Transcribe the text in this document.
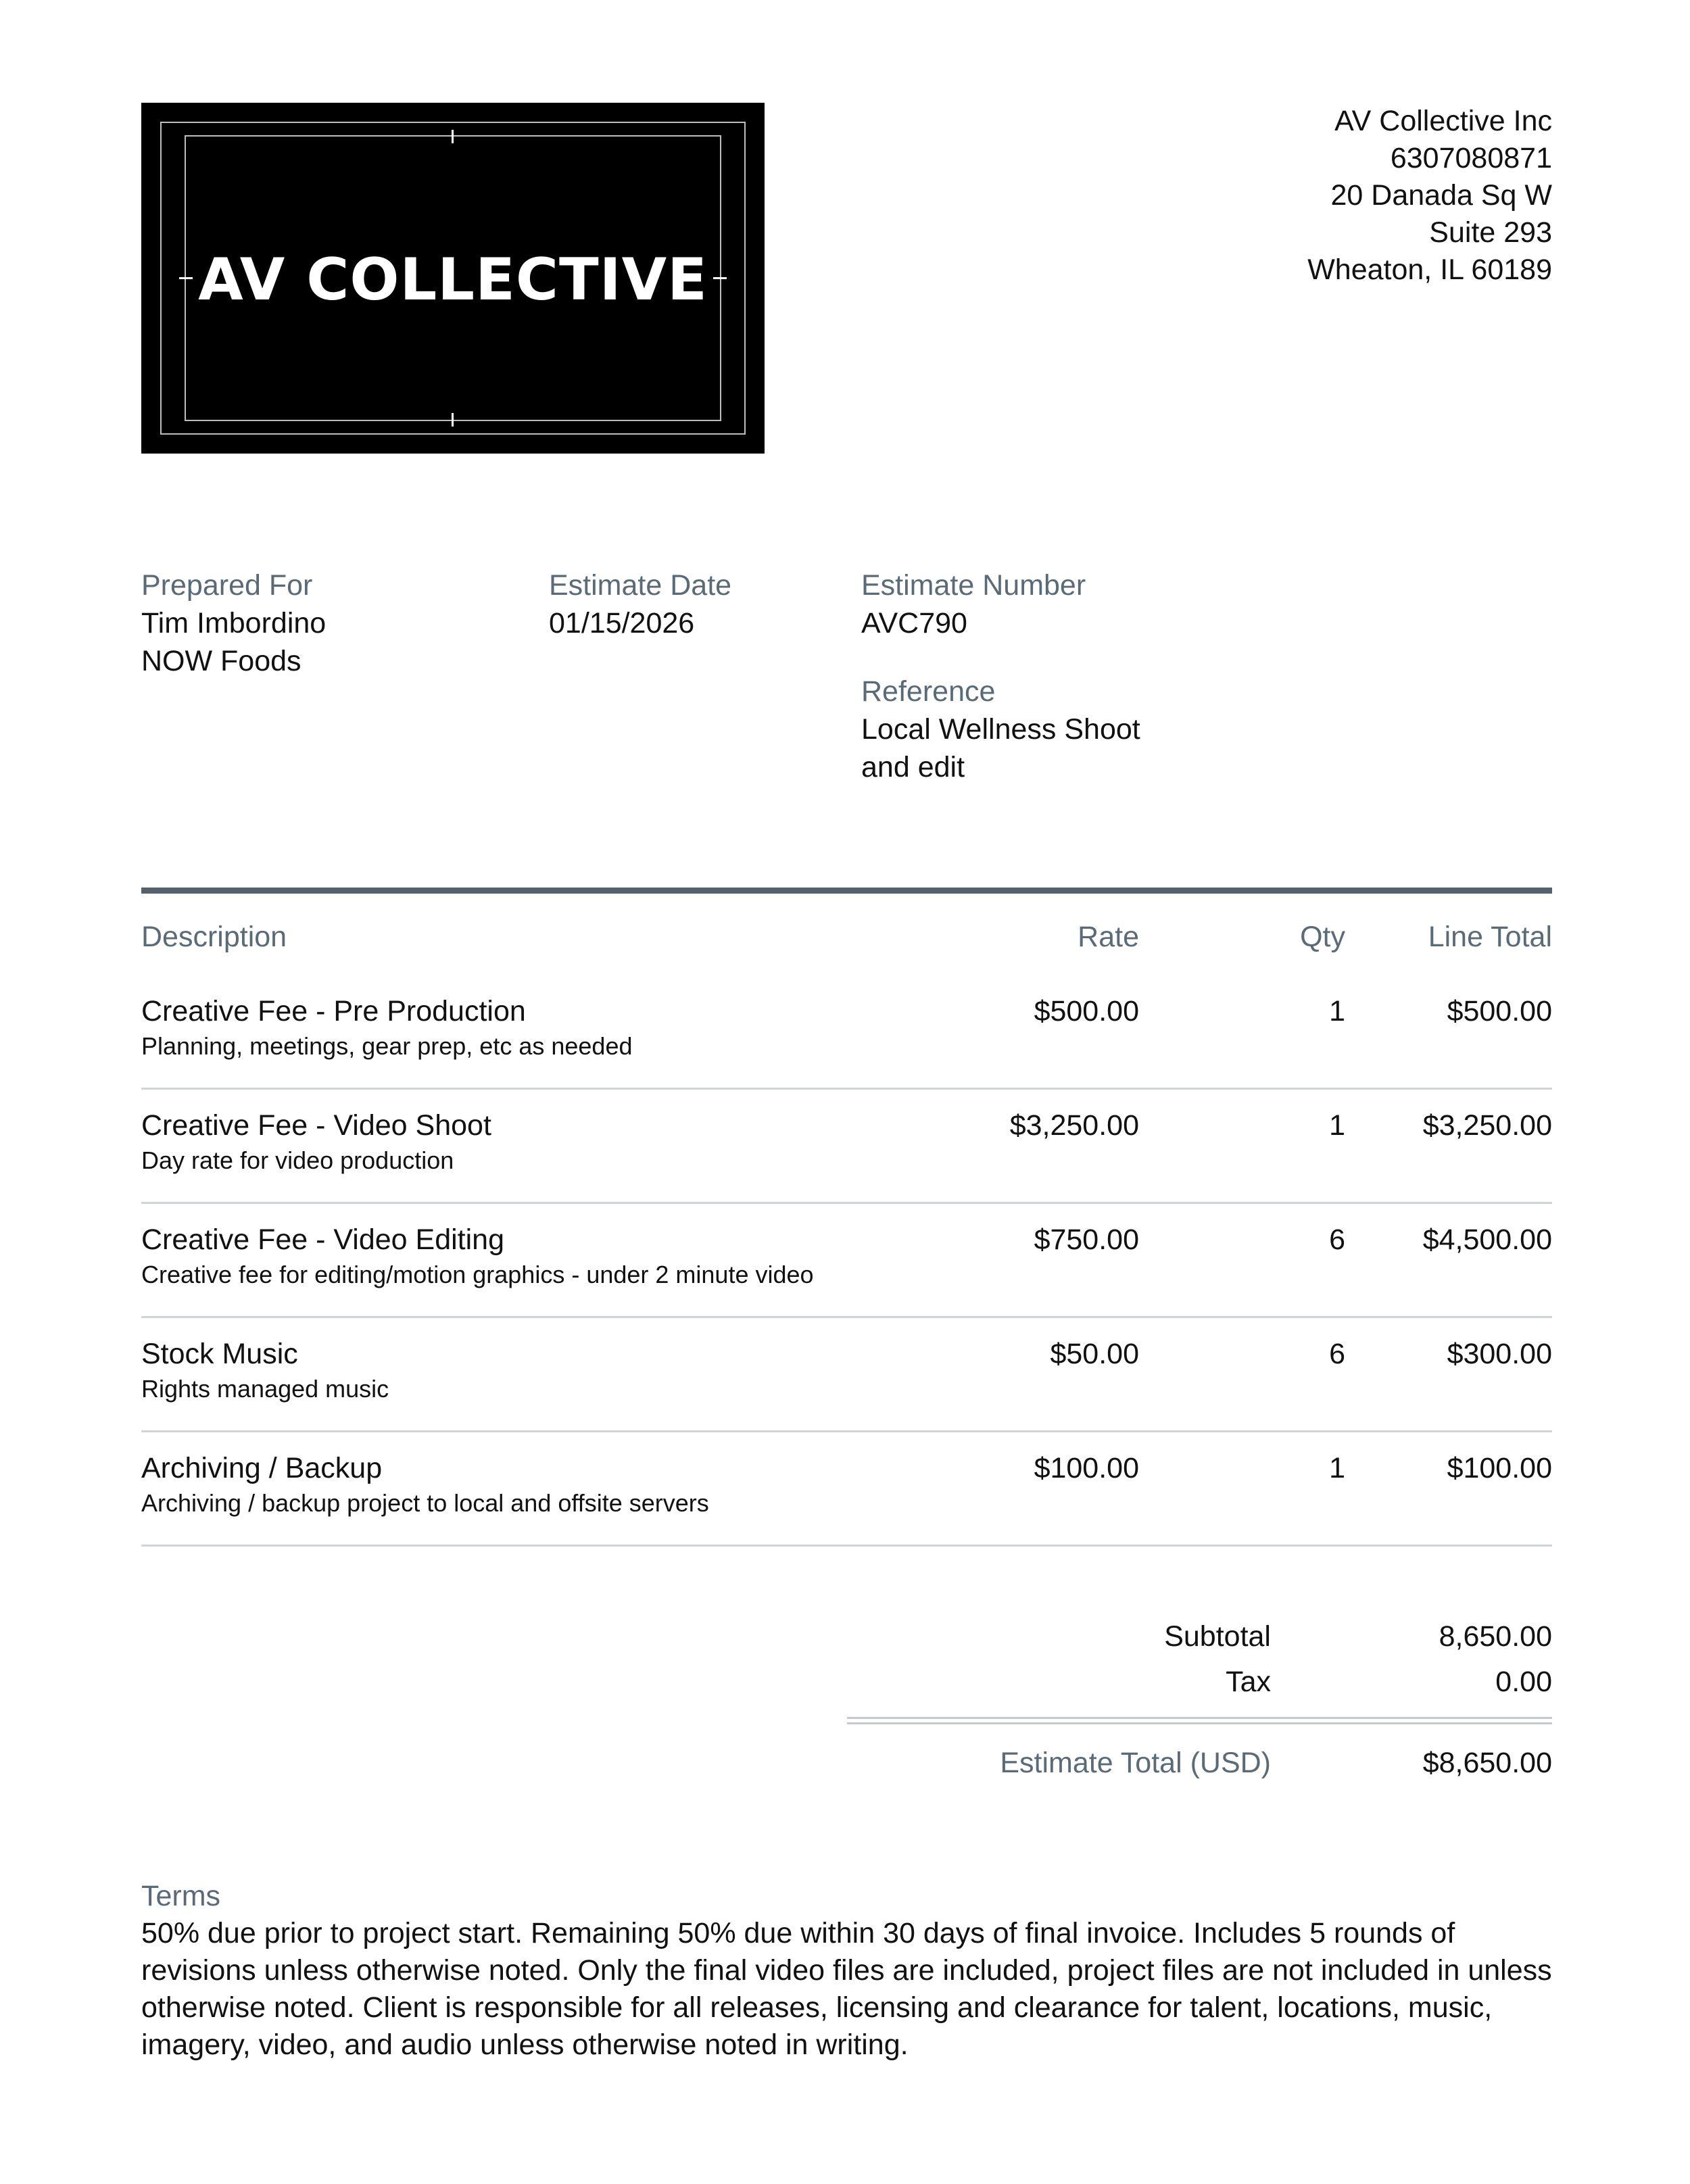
AV COLLECTIVE
AV Collective Inc
6307080871
20 Danada Sq W
Suite 293
Wheaton, IL 60189
Prepared For
Tim Imbordino
NOW Foods
Estimate Date
01/15/2026
Estimate Number
AVC790
Reference
Local Wellness Shoot
and edit
Description	Rate	Qty	Line Total
Creative Fee - Pre Production
Planning, meetings, gear prep, etc as needed
$500.00	1	$500.00
Creative Fee - Video Shoot
Day rate for video production
$3,250.00	1	$3,250.00
Creative Fee - Video Editing
Creative fee for editing/motion graphics - under 2 minute video
$750.00	6	$4,500.00
Stock Music
Rights managed music
$50.00	6	$300.00
Archiving / Backup
Archiving / backup project to local and offsite servers
$100.00	1	$100.00
Subtotal	8,650.00
Tax	0.00
Estimate Total (USD)	$8,650.00
Terms
50% due prior to project start. Remaining 50% due within 30 days of final invoice. Includes 5 rounds of
revisions unless otherwise noted. Only the final video files are included, project files are not included in unless
otherwise noted. Client is responsible for all releases, licensing and clearance for talent, locations, music,
imagery, video, and audio unless otherwise noted in writing.
